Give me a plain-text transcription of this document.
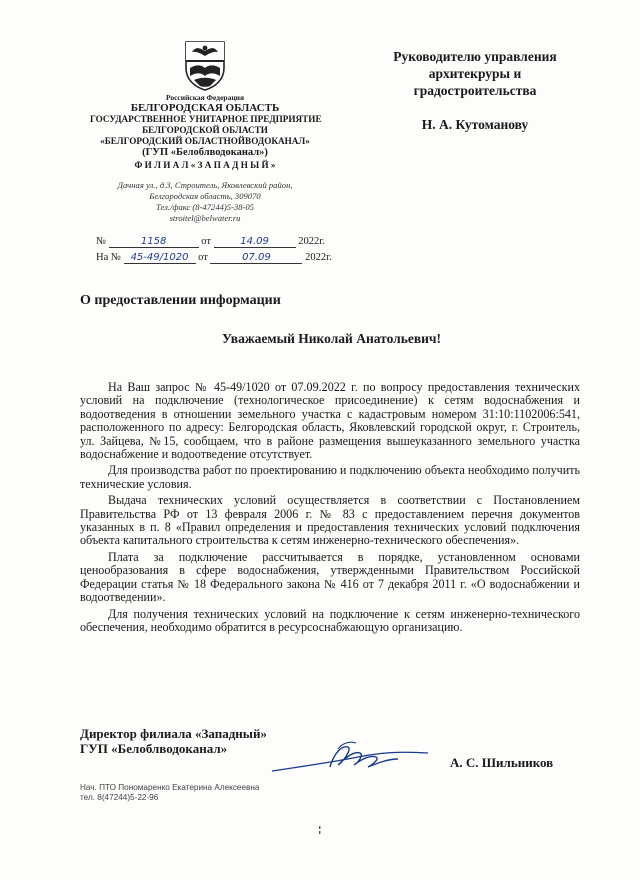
Российская Федерация
БЕЛГОРОДСКАЯ ОБЛАСТЬ
ГОСУДАРСТВЕННОЕ УНИТАРНОЕ ПРЕДПРИЯТИЕ
БЕЛГОРОДСКОЙ ОБЛАСТИ
«БЕЛГОРОДСКИЙ ОБЛАСТНОЙВОДОКАНАЛ»
(ГУП «Белоблводоканал»)
Ф И Л И А Л « З А П А Д Н Ы Й »
Дачная ул., д.3, Строитель, Яковлевский район,
Белгородская область, 309070
Тел./факс (8-47244)5-38-05
stroitel@belwater.ru
№	1158	от	14.09	2022г.
На № 45-49/1020 от	07.09	2022г.
Руководителю управления
архитекруры и
градостроительства
Н. А. Кутоманову
О предоставлении информации
Уважаемый Николай Анатольевич!

На Ваш запрос № 45-49/1020 от 07.09.2022 г. по вопросу предоставления технических условий на подключение (технологическое присоединение) к сетям водоснабжения и водоотведения в отношении земельного участка с кадастровым номером 31:10:1102006:541, расположенного по адресу: Белгородская область, Яковлевский городской округ, г. Строитель, ул. Зайцева, №15, сообщаем, что в районе размещения вышеуказанного земельного участка водоснабжение и водоотведение отсутствует.

Для производства работ по проектированию и подключению объекта необходимо получить технические условия.

Выдача технических условий осуществляется в соответствии с Постановлением Правительства РФ от 13 февраля 2006 г. № 83 с предоставлением перечня документов указанных в п. 8 «Правил определения и предоставления технических условий подключения объекта капитального строительства к сетям инженерно-технического обеспечения».

Плата за подключение рассчитывается в порядке, установленном основами ценообразования в сфере водоснабжения, утвержденными Правительством Российской Федерации статья № 18 Федерального закона № 416 от 7 декабря 2011 г. «О водоснабжении и водоотведении».

Для получения технических условий на подключение к сетям инженерно-технического обеспечения, необходимо обратится в ресурсоснабжающую организацию.

Директор филиала «Западный»
ГУП «Белоблводоканал»
А. С. Шильников
Нач. ПТО Пономаренко Екатерина Алексеевна
тел. 8(47244)5-22-96
